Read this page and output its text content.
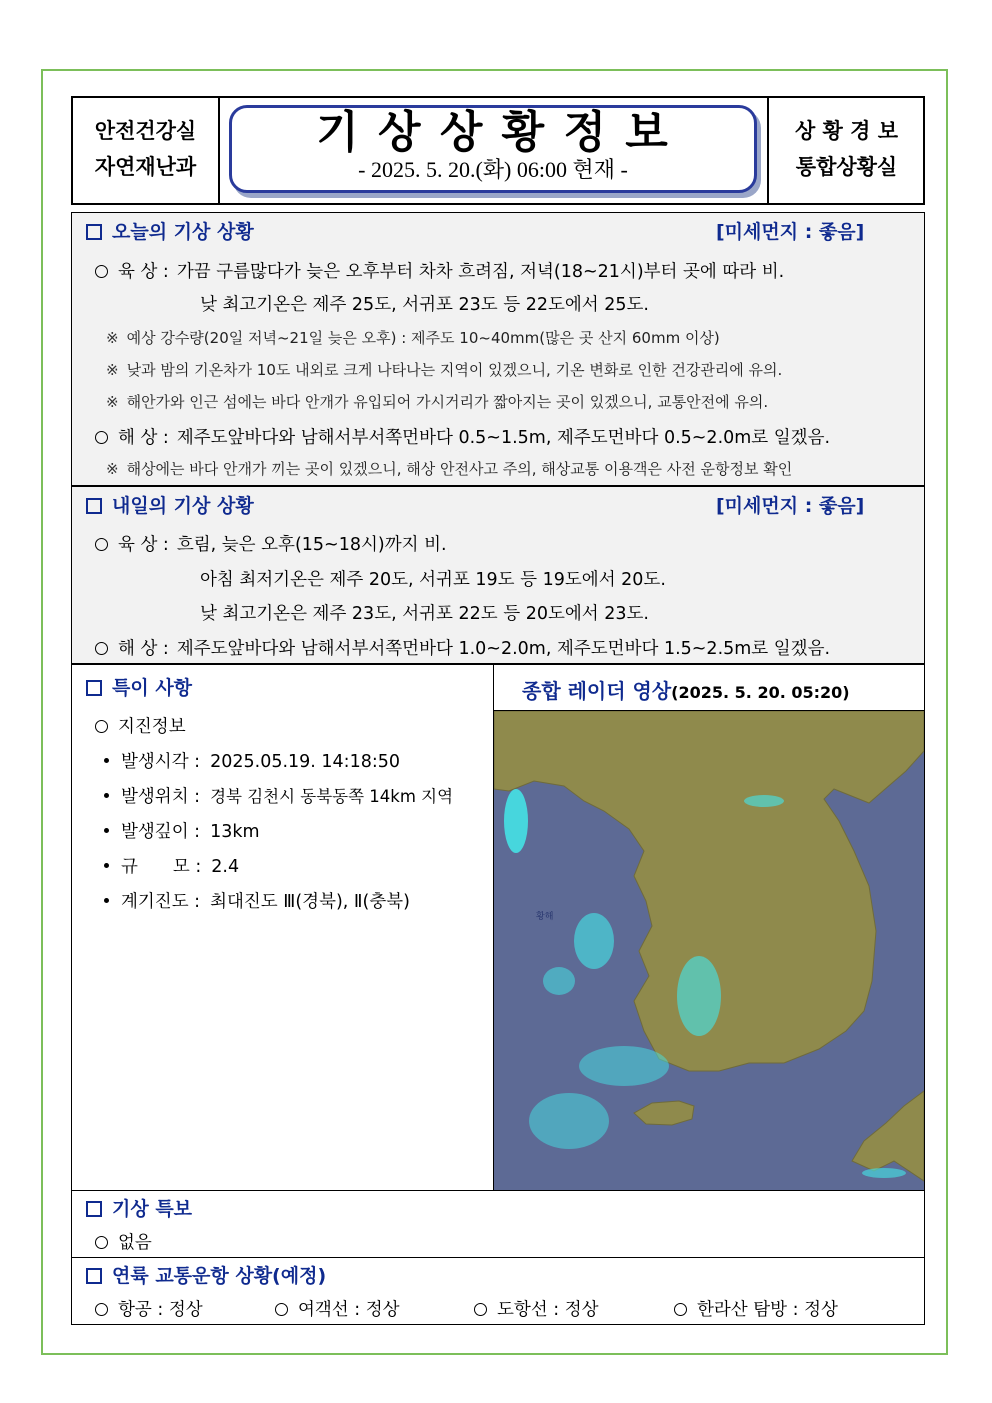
안전건강실
자연재난과
기 상 상 황 정 보
- 2025. 5. 20.(화) 06:00 현재 -
상 황 경 보
통합상황실
오늘의 기상 상황	[미세먼지 : 좋음]
육 상 : 가끔 구름많다가 늦은 오후부터 차차 흐려짐, 저녁(18~21시)부터 곳에 따라 비.
낮 최고기온은 제주 25도, 서귀포 23도 등 22도에서 25도.
※ 예상 강수량(20일 저녁~21일 늦은 오후) : 제주도 10~40mm(많은 곳 산지 60mm 이상)
※ 낮과 밤의 기온차가 10도 내외로 크게 나타나는 지역이 있겠으니, 기온 변화로 인한 건강관리에 유의.
※ 해안가와 인근 섬에는 바다 안개가 유입되어 가시거리가 짧아지는 곳이 있겠으니, 교통안전에 유의.
해 상 : 제주도앞바다와 남해서부서쪽먼바다 0.5~1.5m, 제주도먼바다 0.5~2.0m로 일겠음.
※ 해상에는 바다 안개가 끼는 곳이 있겠으니, 해상 안전사고 주의, 해상교통 이용객은 사전 운항정보 확인
내일의 기상 상황	[미세먼지 : 좋음]
육 상 : 흐림, 늦은 오후(15~18시)까지 비.
아침 최저기온은 제주 20도, 서귀포 19도 등 19도에서 20도.
낮 최고기온은 제주 23도, 서귀포 22도 등 20도에서 23도.
해 상 : 제주도앞바다와 남해서부서쪽먼바다 1.0~2.0m, 제주도먼바다 1.5~2.5m로 일겠음.
특이 사항
지진정보
발생시각 : 2025.05.19. 14:18:50
발생위치 : 경북 김천시 동북동쪽 14km 지역
발생깊이 : 13km
규　　모 : 2.4
계기진도 : 최대진도 Ⅲ(경북), Ⅱ(충북)
종합 레이더 영상(2025. 5. 20. 05:20)
황해
기상 특보
없음
연륙 교통운항 상황(예정)
항공 : 정상	여객선 : 정상	도항선 : 정상	한라산 탐방 : 정상
